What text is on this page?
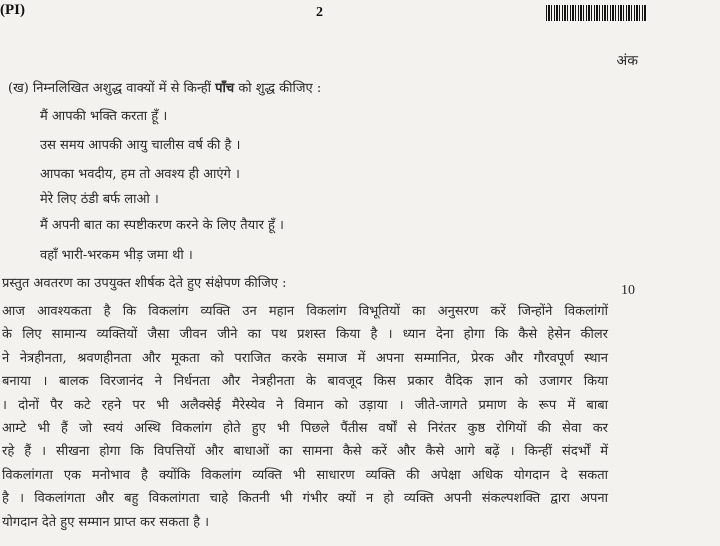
(PI)	2
अंक
(ख) निम्नलिखित अशुद्ध वाक्यों में से किन्हीं पाँच को शुद्ध कीजिए :
मैं आपकी भक्ति करता हूँ ।
उस समय आपकी आयु चालीस वर्ष की है ।
आपका भवदीय, हम तो अवश्य ही आएंगे ।
मेरे लिए ठंडी बर्फ लाओ ।
मैं अपनी बात का स्पष्टीकरण करने के लिए तैयार हूँ ।
वहाँ भारी-भरकम भीड़ जमा थी ।
प्रस्तुत अवतरण का उपयुक्त शीर्षक देते हुए संक्षेपण कीजिए :	10
आज आवश्यकता है कि विकलांग व्यक्ति उन महान विकलांग विभूतियों का अनुसरण करें जिन्होंने विकलांगों
के लिए सामान्य व्यक्तियों जैसा जीवन जीने का पथ प्रशस्त किया है । ध्यान देना होगा कि कैसे हेसेन कीलर
ने नेत्रहीनता, श्रवणहीनता और मूकता को पराजित करके समाज में अपना सम्मानित, प्रेरक और गौरवपूर्ण स्थान
बनाया । बालक विरजानंद ने निर्धनता और नेत्रहीनता के बावजूद किस प्रकार वैदिक ज्ञान को उजागर किया
। दोनों पैर कटे रहने पर भी अलैक्सेई मैरेस्येव ने विमान को उड़ाया । जीते-जागते प्रमाण के रूप में बाबा
आम्टे भी हैं जो स्वयं अस्थि विकलांग होते हुए भी पिछले पैंतीस वर्षों से निरंतर कुष्ठ रोगियों की सेवा कर
रहे हैं । सीखना होगा कि विपत्तियों और बाधाओं का सामना कैसे करें और कैसे आगे बढ़ें । किन्हीं संदर्भों में
विकलांगता एक मनोभाव है क्योंकि विकलांग व्यक्ति भी साधारण व्यक्ति की अपेक्षा अधिक योगदान दे सकता
है । विकलांगता और बहु विकलांगता चाहे कितनी भी गंभीर क्यों न हो व्यक्ति अपनी संकल्पशक्ति द्वारा अपना
योगदान देते हुए सम्मान प्राप्त कर सकता है ।
